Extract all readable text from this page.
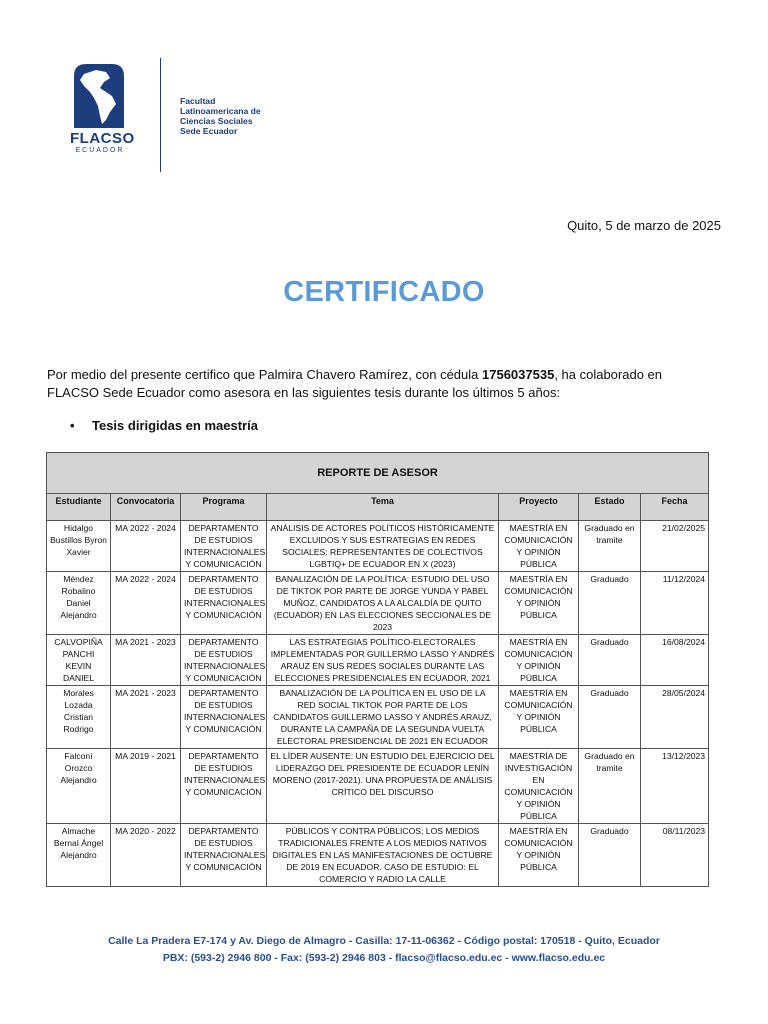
FLACSO
ECUADOR
Facultad
Latinoamericana de
Ciencias Sociales
Sede Ecuador
Quito, 5 de marzo de 2025
CERTIFICADO
Por medio del presente certifico que Palmira Chavero Ramírez, con cédula 1756037535, ha colaborado en FLACSO Sede Ecuador como asesora en las siguientes tesis durante los últimos 5 años:
• Tesis dirigidas en maestría
REPORTE DE ASESOR						
Estudiante	Convocatoria	Programa	Tema	Proyecto	Estado	Fecha
Hidalgo Bustillos Byron Xavier	MA 2022 - 2024	DEPARTAMENTO DE ESTUDIOS INTERNACIONALES Y COMUNICACIÓN	ANÁLISIS DE ACTORES POLÍTICOS HISTÓRICAMENTE EXCLUIDOS Y SUS ESTRATEGIAS EN REDES SOCIALES: REPRESENTANTES DE COLECTIVOS LGBTIQ+ DE ECUADOR EN X (2023)	MAESTRÍA EN COMUNICACIÓN Y OPINIÓN PÚBLICA	Graduado en tramite	21/02/2025
Méndez Robalino Daniel Alejandro	MA 2022 - 2024	DEPARTAMENTO DE ESTUDIOS INTERNACIONALES Y COMUNICACIÓN	BANALIZACIÓN DE LA POLÍTICA: ESTUDIO DEL USO DE TIKTOK POR PARTE DE JORGE YUNDA Y PABEL MUÑOZ, CANDIDATOS A LA ALCALDÍA DE QUITO (ECUADOR) EN LAS ELECCIONES SECCIONALES DE 2023	MAESTRÍA EN COMUNICACIÓN Y OPINIÓN PÚBLICA	Graduado	11/12/2024
CALVOPIÑA PANCHI KEVIN DANIEL	MA 2021 - 2023	DEPARTAMENTO DE ESTUDIOS INTERNACIONALES Y COMUNICACIÓN	LAS ESTRATEGIAS POLÍTICO-ELECTORALES IMPLEMENTADAS POR GUILLERMO LASSO Y ANDRÉS ARAUZ EN SUS REDES SOCIALES DURANTE LAS ELECCIONES PRESIDENCIALES EN ECUADOR, 2021	MAESTRÍA EN COMUNICACIÓN Y OPINIÓN PÚBLICA	Graduado	16/08/2024
Morales Lozada Cristian Rodrigo	MA 2021 - 2023	DEPARTAMENTO DE ESTUDIOS INTERNACIONALES Y COMUNICACIÓN	BANALIZACIÓN DE LA POLÍTICA EN EL USO DE LA RED SOCIAL TIKTOK POR PARTE DE LOS CANDIDATOS GUILLERMO LASSO Y ANDRÉS ARAUZ, DURANTE LA CAMPAÑA DE LA SEGUNDA VUELTA ELECTORAL PRESIDENCIAL DE 2021 EN ECUADOR	MAESTRÍA EN COMUNICACIÓN Y OPINIÓN PÚBLICA	Graduado	28/05/2024
Falconí Orozco Alejandro	MA 2019 - 2021	DEPARTAMENTO DE ESTUDIOS INTERNACIONALES Y COMUNICACIÓN	EL LÍDER AUSENTE: UN ESTUDIO DEL EJERCICIO DEL LIDERAZGO DEL PRESIDENTE DE ECUADOR LENÍN MORENO (2017-2021). UNA PROPUESTA DE ANÁLISIS CRÍTICO DEL DISCURSO	MAESTRÍA DE INVESTIGACIÓN EN COMUNICACIÓN Y OPINIÓN PÚBLICA	Graduado en tramite	13/12/2023
Almache Bernal Ángel Alejandro	MA 2020 - 2022	DEPARTAMENTO DE ESTUDIOS INTERNACIONALES Y COMUNICACIÓN	PÚBLICOS Y CONTRA PÚBLICOS; LOS MEDIOS TRADICIONALES FRENTE A LOS MEDIOS NATIVOS DIGITALES EN LAS MANIFESTACIONES DE OCTUBRE DE 2019 EN ECUADOR. CASO DE ESTUDIO: EL COMERCIO Y RADIO LA CALLE	MAESTRÍA EN COMUNICACIÓN Y OPINIÓN PÚBLICA	Graduado	08/11/2023
Calle La Pradera E7-174 y Av. Diego de Almagro - Casilla: 17-11-06362 - Código postal: 170518 - Quito, Ecuador
PBX: (593-2) 2946 800 - Fax: (593-2) 2946 803 - flacso@flacso.edu.ec - www.flacso.edu.ec
